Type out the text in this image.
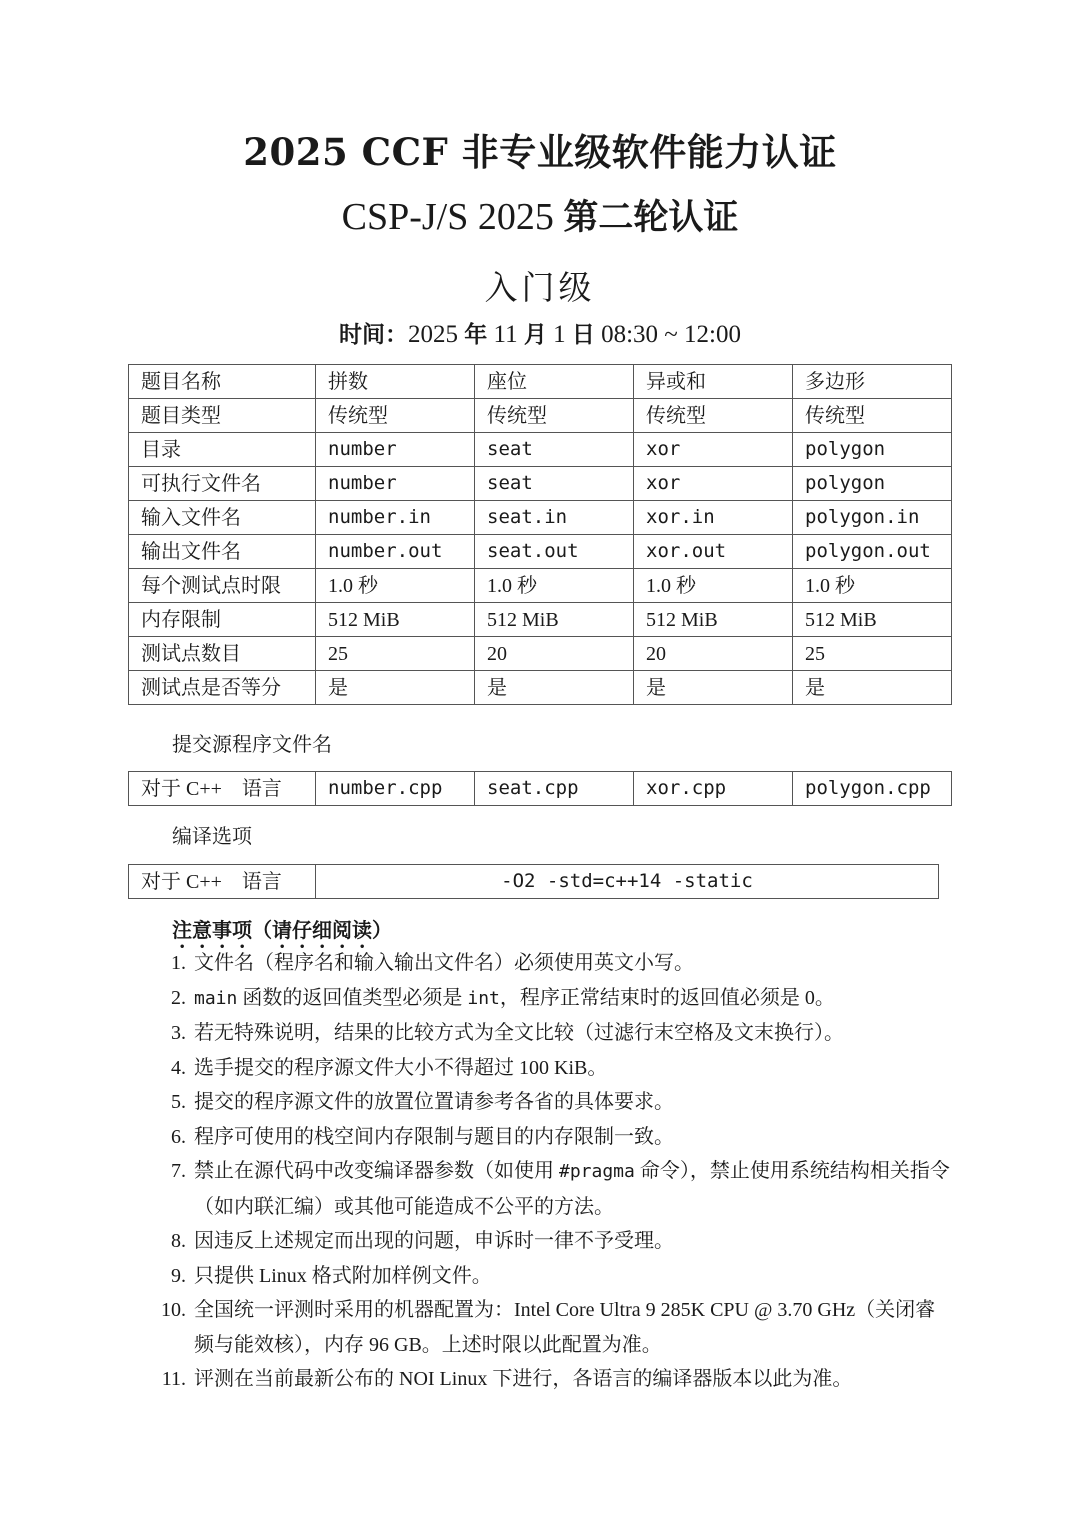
2025 CCF 非专业级软件能力认证
CSP-J/S 2025 第二轮认证
入门级
时间：2025 年 11 月 1 日 08:30 ~ 12:00
题目名称	拼数	座位	异或和	多边形
题目类型	传统型	传统型	传统型	传统型
目录	number	seat	xor	polygon
可执行文件名	number	seat	xor	polygon
输入文件名	number.in	seat.in	xor.in	polygon.in
输出文件名	number.out	seat.out	xor.out	polygon.out
每个测试点时限	1.0 秒	1.0 秒	1.0 秒	1.0 秒
内存限制	512 MiB	512 MiB	512 MiB	512 MiB
测试点数目	25	20	20	25
测试点是否等分	是	是	是	是
提交源程序文件名
对于 C++　语言	number.cpp	seat.cpp	xor.cpp	polygon.cpp
编译选项
对于 C++　语言	-O2 -std=c++14 -static
注意事项（请仔细阅读）
1. 文件名（程序名和输入输出文件名）必须使用英文小写。
2. main 函数的返回值类型必须是 int，程序正常结束时的返回值必须是 0。
3. 若无特殊说明，结果的比较方式为全文比较（过滤行末空格及文末换行）。
4. 选手提交的程序源文件大小不得超过 100 KiB。
5. 提交的程序源文件的放置位置请参考各省的具体要求。
6. 程序可使用的栈空间内存限制与题目的内存限制一致。
7. 禁止在源代码中改变编译器参数（如使用 #pragma 命令），禁止使用系统结构相关指令（如内联汇编）或其他可能造成不公平的方法。
8. 因违反上述规定而出现的问题，申诉时一律不予受理。
9. 只提供 Linux 格式附加样例文件。
10. 全国统一评测时采用的机器配置为：Intel Core Ultra 9 285K CPU @ 3.70 GHz（关闭睿频与能效核），内存 96 GB。上述时限以此配置为准。
11. 评测在当前最新公布的 NOI Linux 下进行，各语言的编译器版本以此为准。
